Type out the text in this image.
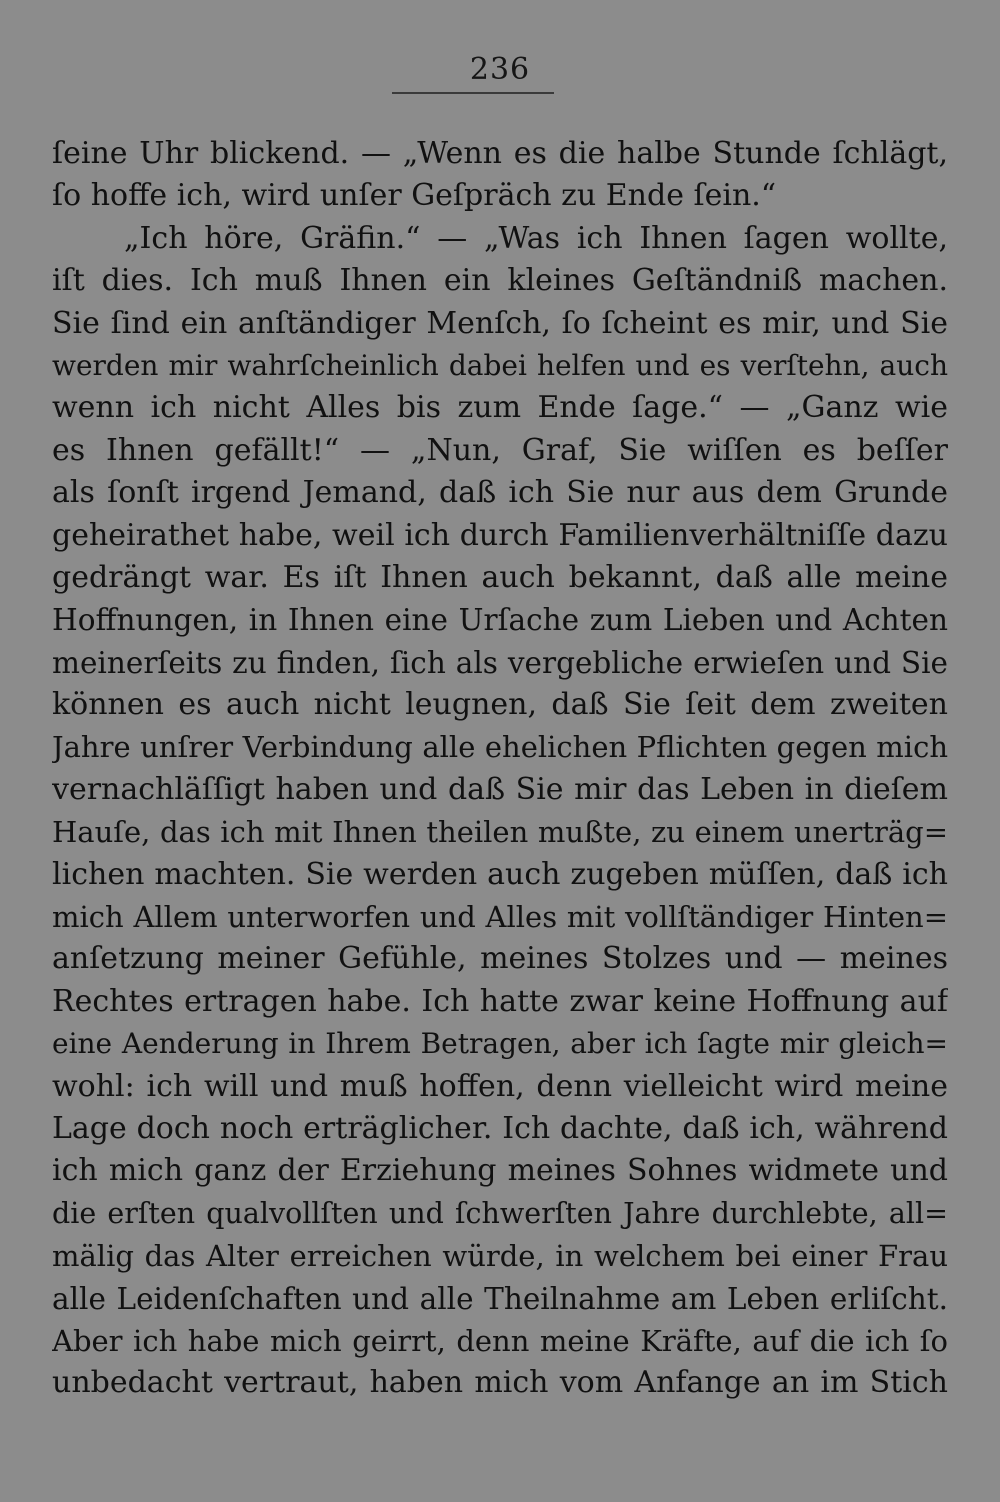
236
ſeine Uhr blickend. — „Wenn es die halbe Stunde ſchlägt,
ſo hoffe ich, wird unſer Geſpräch zu Ende ſein.“
„Ich höre, Gräfin.“ — „Was ich Ihnen ſagen wollte,
iſt dies. Ich muß Ihnen ein kleines Geſtändniß machen.
Sie ſind ein anſtändiger Menſch, ſo ſcheint es mir, und Sie
werden mir wahrſcheinlich dabei helfen und es verſtehn, auch
wenn ich nicht Alles bis zum Ende ſage.“ — „Ganz wie
es Ihnen gefällt!“ — „Nun, Graf, Sie wiſſen es beſſer
als ſonſt irgend Jemand, daß ich Sie nur aus dem Grunde
geheirathet habe, weil ich durch Familienverhältniſſe dazu
gedrängt war. Es iſt Ihnen auch bekannt, daß alle meine
Hoffnungen, in Ihnen eine Urſache zum Lieben und Achten
meinerſeits zu finden, ſich als vergebliche erwieſen und Sie
können es auch nicht leugnen, daß Sie ſeit dem zweiten
Jahre unſrer Verbindung alle ehelichen Pflichten gegen mich
vernachläſſigt haben und daß Sie mir das Leben in dieſem
Hauſe, das ich mit Ihnen theilen mußte, zu einem unerträg=
lichen machten. Sie werden auch zugeben müſſen, daß ich
mich Allem unterworfen und Alles mit vollſtändiger Hinten=
anſetzung meiner Gefühle, meines Stolzes und — meines
Rechtes ertragen habe. Ich hatte zwar keine Hoffnung auf
eine Aenderung in Ihrem Betragen, aber ich ſagte mir gleich=
wohl: ich will und muß hoffen, denn vielleicht wird meine
Lage doch noch erträglicher. Ich dachte, daß ich, während
ich mich ganz der Erziehung meines Sohnes widmete und
die erſten qualvollſten und ſchwerſten Jahre durchlebte, all=
mälig das Alter erreichen würde, in welchem bei einer Frau
alle Leidenſchaften und alle Theilnahme am Leben erliſcht.
Aber ich habe mich geirrt, denn meine Kräfte, auf die ich ſo
unbedacht vertraut, haben mich vom Anfange an im Stich
